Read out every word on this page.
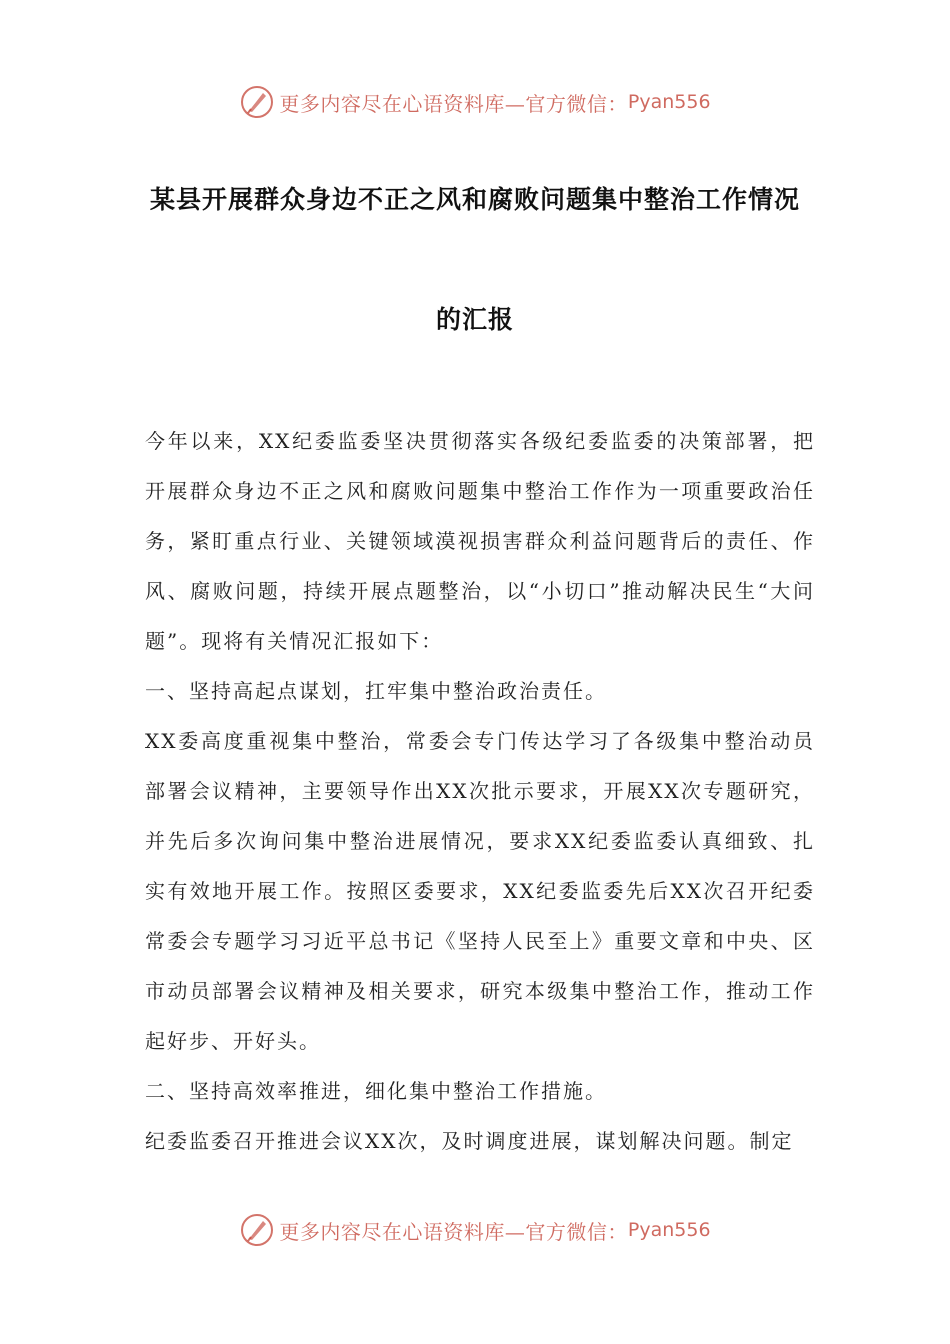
更多内容尽在心语资料库—官方微信： Pyan556
某县开展群众身边不正之风和腐败问题集中整治工作情况
的汇报

今年以来，XX纪委监委坚决贯彻落实各级纪委监委的决策部署，把开展群众身边不正之风和腐败问题集中整治工作作为一项重要政治任务，紧盯重点行业、关键领域漠视损害群众利益问题背后的责任、作风、腐败问题，持续开展点题整治，以“小切口”推动解决民生“大问题”。现将有关情况汇报如下：

一、坚持高起点谋划，扛牢集中整治政治责任。

XX委高度重视集中整治，常委会专门传达学习了各级集中整治动员部署会议精神，主要领导作出XX次批示要求，开展XX次专题研究，并先后多次询问集中整治进展情况，要求XX纪委监委认真细致、扎实有效地开展工作。按照区委要求，XX纪委监委先后XX次召开纪委常委会专题学习习近平总书记《坚持人民至上》重要文章和中央、区市动员部署会议精神及相关要求，研究本级集中整治工作，推动工作起好步、开好头。

二、坚持高效率推进，细化集中整治工作措施。

纪委监委召开推进会议XX次，及时调度进展，谋划解决问题。制定

更多内容尽在心语资料库—官方微信： Pyan556
